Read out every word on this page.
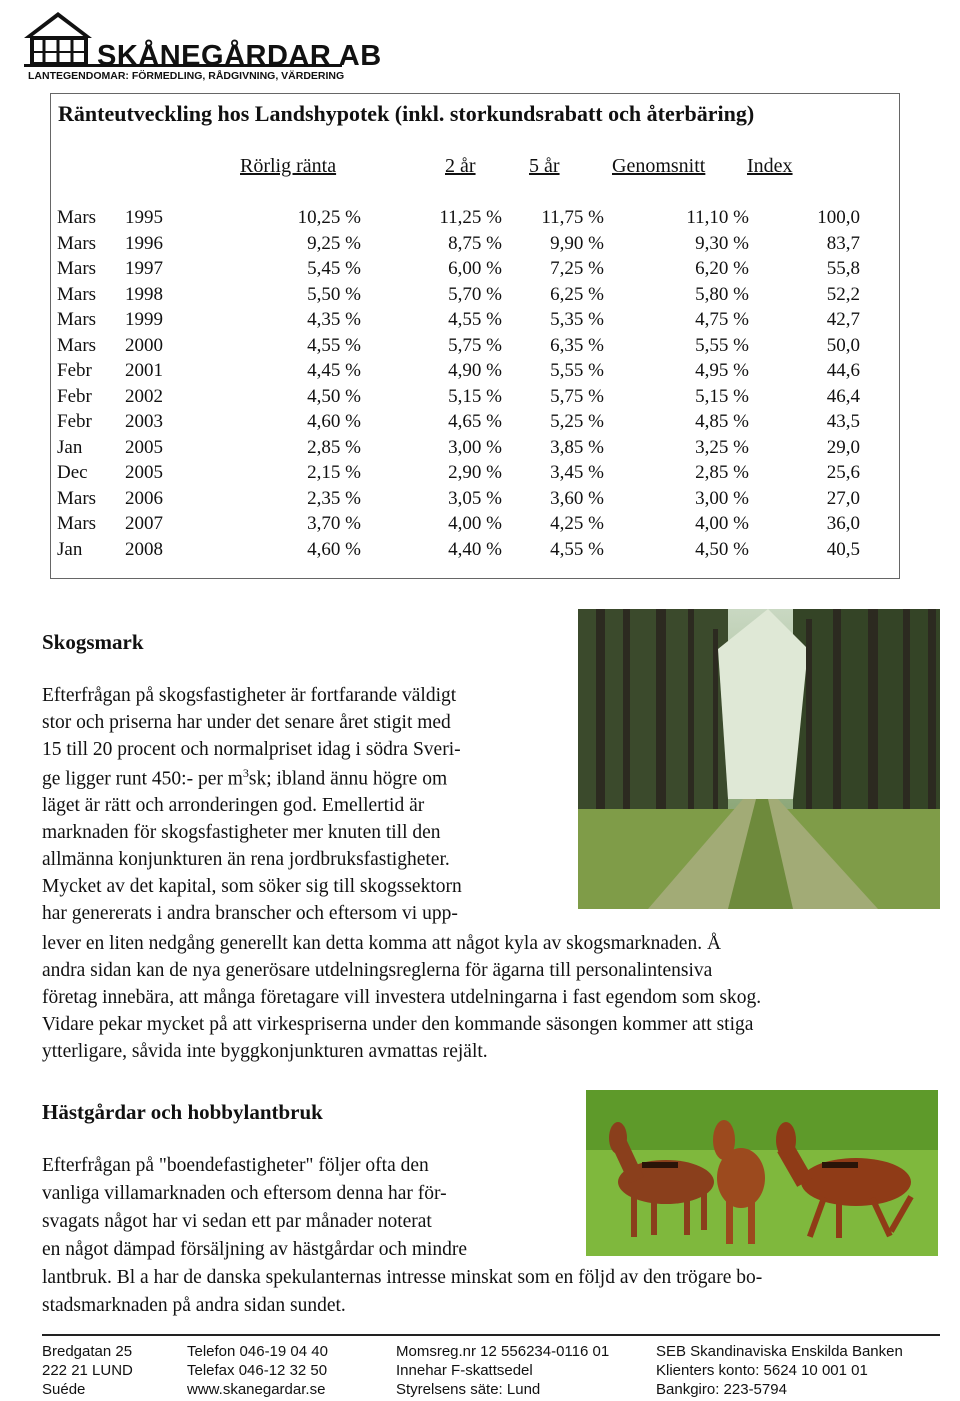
SKÅNEGÅRDAR AB
LANTEGENDOMAR: FÖRMEDLING, RÅDGIVNING, VÄRDERING
Ränteutveckling hos Landshypotek (inkl. storkundsrabatt och återbäring)
Rörlig ränta	2 år	5 år	Genomsnitt Index
Mars 1995	10,25 %	11,25 % 11,75 %	11,10 %	100,0
Mars 1996	9,25 %	8,75 %	9,90 %	9,30 %	83,7
Mars 1997	5,45 %	6,00 %	7,25 %	6,20 %	55,8
Mars 1998	5,50 %	5,70 %	6,25 %	5,80 %	52,2
Mars 1999	4,35 %	4,55 %	5,35 %	4,75 %	42,7
Mars 2000	4,55 %	5,75 %	6,35 %	5,55 %	50,0
Febr 2001	4,45 %	4,90 %	5,55 %	4,95 %	44,6
Febr 2002	4,50 %	5,15 %	5,75 %	5,15 %	46,4
Febr 2003	4,60 %	4,65 %	5,25 %	4,85 %	43,5
Jan 2005	2,85 %	3,00 %	3,85 %	3,25 %	29,0
Dec 2005	2,15 %	2,90 %	3,45 %	2,85 %	25,6
Mars 2006	2,35 %	3,05 %	3,60 %	3,00 %	27,0
Mars 2007	3,70 %	4,00 %	4,25 %	4,00 %	36,0
Jan 2008	4,60 %	4,40 %	4,55 %	4,50 %	40,5
Skogsmark
Efterfrågan på skogsfastigheter är fortfarande väldigt
stor och priserna har under det senare året stigit med
15 till 20 procent och normalpriset idag i södra Sveri-
ge ligger runt 450:- per $m^3sk$; ibland ännu högre om
läget är rätt och arronderingen god. Emellertid är
marknaden för skogsfastigheter mer knuten till den
allmänna konjunkturen än rena jordbruksfastigheter.
Mycket av det kapital, som söker sig till skogssektorn
har genererats i andra branscher och eftersom vi upp-
lever en liten nedgång generellt kan detta komma att något kyla av skogsmarknaden. Å
andra sidan kan de nya generösare utdelningsreglerna för ägarna till personalintensiva
företag innebära, att många företagare vill investera utdelningarna i fast egendom som skog.
Vidare pekar mycket på att virkespriserna under den kommande säsongen kommer att stiga
ytterligare, såvida inte byggkonjunkturen avmattas rejält.
Hästgårdar och hobbylantbruk
Efterfrågan på "boendefastigheter" följer ofta den
vanliga villamarknaden och eftersom denna har för-
svagats något har vi sedan ett par månader noterat
en något dämpad försäljning av hästgårdar och mindre
lantbruk. Bl a har de danska spekulanternas intresse minskat som en följd av den trögare bo-
stadsmarknaden på andra sidan sundet.
Bredgatan 25
222 21 LUND
Suéde
Telefon 046-19 04 40
Telefax 046-12 32 50
www.skanegardar.se
Momsreg.nr 12 556234-0116 01
Innehar F-skattsedel
Styrelsens säte: Lund
SEB Skandinaviska Enskilda Banken
Klienters konto: 5624 10 001 01
Bankgiro: 223-5794
